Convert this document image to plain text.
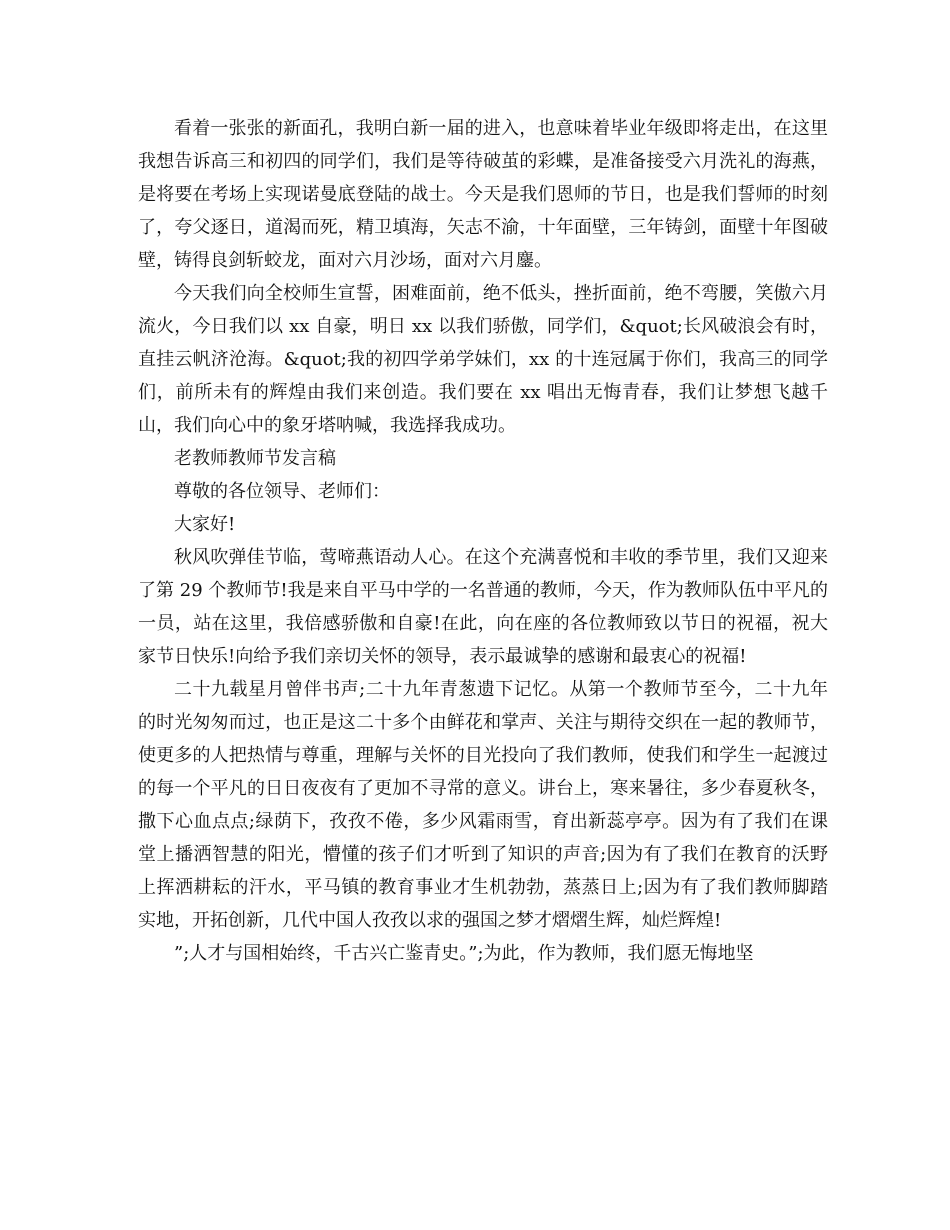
看着一张张的新面孔，我明白新一届的进入，也意味着毕业年级即将走出，在这里我想告诉高三和初四的同学们，我们是等待破茧的彩蝶，是准备接受六月洗礼的海燕，是将要在考场上实现诺曼底登陆的战士。今天是我们恩师的节日，也是我们誓师的时刻了，夸父逐日，道渴而死，精卫填海，矢志不渝，十年面壁，三年铸剑，面壁十年图破壁，铸得良剑斩蛟龙，面对六月沙场，面对六月鏖。

今天我们向全校师生宣誓，困难面前，绝不低头，挫折面前，绝不弯腰，笑傲六月流火，今日我们以 xx 自豪，明日 xx 以我们骄傲，同学们，&quot;长风破浪会有时，直挂云帆济沧海。&quot;我的初四学弟学妹们，xx 的十连冠属于你们，我高三的同学们，前所未有的辉煌由我们来创造。我们要在 xx 唱出无悔青春，我们让梦想飞越千山，我们向心中的象牙塔呐喊，我选择我成功。

老教师教师节发言稿

尊敬的各位领导、老师们：

大家好!

秋风吹弹佳节临，莺啼燕语动人心。在这个充满喜悦和丰收的季节里，我们又迎来了第 29 个教师节!我是来自平马中学的一名普通的教师，今天，作为教师队伍中平凡的一员，站在这里，我倍感骄傲和自豪!在此，向在座的各位教师致以节日的祝福，祝大家节日快乐!向给予我们亲切关怀的领导，表示最诚挚的感谢和最衷心的祝福!

二十九载星月曾伴书声;二十九年青葱遗下记忆。从第一个教师节至今，二十九年的时光匆匆而过，也正是这二十多个由鲜花和掌声、关注与期待交织在一起的教师节，使更多的人把热情与尊重，理解与关怀的目光投向了我们教师，使我们和学生一起渡过的每一个平凡的日日夜夜有了更加不寻常的意义。讲台上，寒来暑往，多少春夏秋冬，撒下心血点点;绿荫下，孜孜不倦，多少风霜雨雪，育出新蕊亭亭。因为有了我们在课堂上播洒智慧的阳光，懵懂的孩子们才听到了知识的声音;因为有了我们在教育的沃野上挥洒耕耘的汗水，平马镇的教育事业才生机勃勃，蒸蒸日上;因为有了我们教师脚踏实地，开拓创新，几代中国人孜孜以求的强国之梦才熠熠生辉，灿烂辉煌!

”;人才与国相始终，千古兴亡鉴青史。”;为此，作为教师，我们愿无悔地坚
